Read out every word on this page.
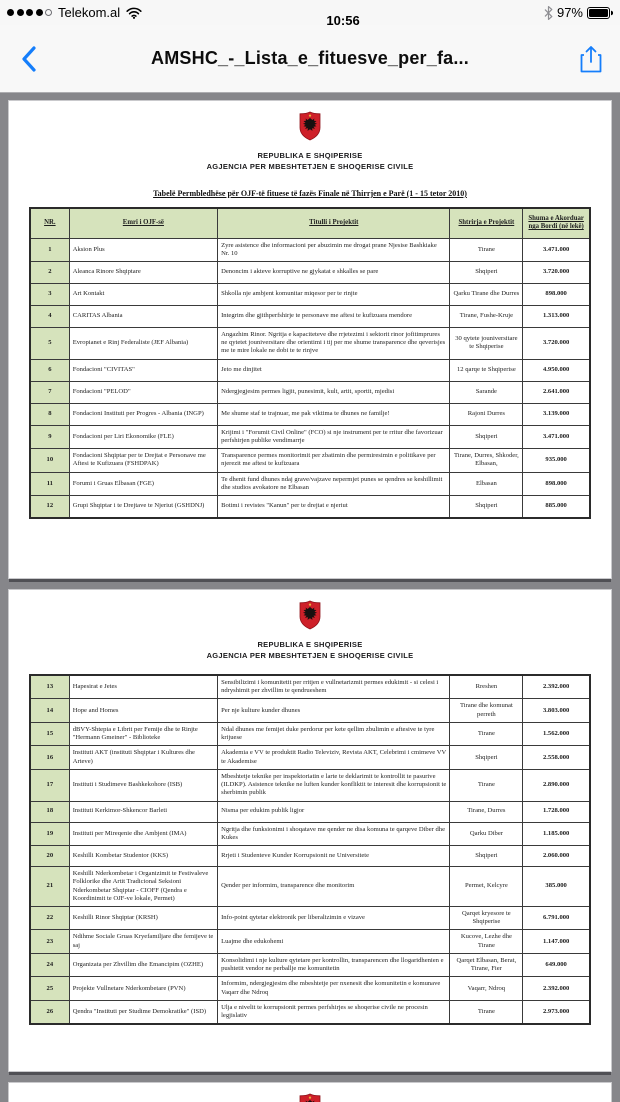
Telekom.al	10:56	97%
AMSHC_-_Lista_e_fituesve_per_fa...
REPUBLIKA E SHQIPERISE
AGJENCIA PER MBESHTETJEN E SHOQERISE CIVILE
Tabelë Permbledhëse për OJF-të fituese të fazës Finale në Thirrjen e Parë (1 - 15 tetor 2010)
NR.	Emri i OJF-së	Titulli i Projektit	Shtrirja e Projektit	Shuma e Akorduar nga Bordi (në lekë)
1	Aksion Plus	Zyre asistence dhe informacioni per abuzimin me drogat prane Njesise Bashkiake Nr. 10	Tirane	3.471.000
2	Aleanca Rinore Shqiptare	Denoncim i akteve korruptive ne gjykatat e shkalles se pare	Shqiperi	3.720.000
3	Art Kontakt	Shkolla nje ambjent komunitar miqesor per te rinjte	Qarku Tirane dhe Durres	898.000
4	CARITAS Albania	Integrim dhe gjithperfshirje te personave me aftesi te kufizuara mendore	Tirane, Fushe-Kruje	1.313.000
5	Evropianet e Rinj Federaliste (JEF Albania)	Angazhim Rinor. Ngritja e kapaciteteve dhe rrjetezimi i sektorit rinor jofitimprures ne qytetet jouniversitare dhe orientimi i tij per me shume transparence dhe qeverisjes me te mire lokale ne dobi te te rinjve	30 qytete jouniversitare te Shqiperise	3.720.000
6	Fondacioni "CIVITAS"	Jeto me dinjitet	12 qarqe te Shqiperise	4.950.000
7	Fondacioni "PELOD"	Ndergjegjesim permes ligjit, punesimit, kult, artit, sportit, mjedisi	Sarande	2.641.000
8	Fondacioni Instituti per Progres - Albania (INGP)	Me shume staf te trajnuar, me pak viktima te dhunes ne familje!	Rajoni Durres	3.139.000
9	Fondacioni per Liri Ekonomike (FLE)	Krijimi i "Forumit Civil Online" (FCO) si nje instrument per te rritur dhe favorizuar perfshirjen publike vendimarrje	Shqiperi	3.471.000
10	Fondacioni Shqiptar per te Drejtat e Personave me Aftesi te Kufizuara (FSHDPAK)	Transparence permes monitorimit per zbatimin dhe permiresimin e politikave per njerezit me aftesi te kufizuara	Tirane, Durres, Shkoder, Elbasan,	935.000
11	Forumi i Gruas Elbasan (FGE)	Te dhenit fund dhunes ndaj grave/vajzave nepermjet punes se qendres se keshillimit dhe studios avokatore ne Elbasan	Elbasan	898.000
12	Grupi Shqiptar i te Drejtave te Njeriut (GSHDNJ)	Botimi i revistes "Kanun" per te drejtat e njeriut	Shqiperi	885.000
REPUBLIKA E SHQIPERISE
AGJENCIA PER MBESHTETJEN E SHOQERISE CIVILE
13	Hapesirat e Jetes	Sensibilizimi i komunitetit per rritjen e vullnetarizmit permes edukimit - si celesi i ndryshimit per zhvillim te qendrueshem	Rreshen	2.392.000
14	Hope and Homes	Per nje kulture kunder dhunes	Tirane dhe komunat perreth	3.803.000
15	dBVY-Shtepia e Librit per Femije dhe te Rinjte "Hermann Gmeiner" - Biblioteke	Ndal dhunes me femijet duke perdorur per kete qellim zbulimin e aftesive te tyre krijuese	Tirane	1.562.000
16	Instituti AKT (instituti Shqiptar i Kultures dhe Arteve)	Akademia e VV te produktit Radio Televiziv, Revista AKT, Celebrimi i cmimeve VV te Akademise	Shqiperi	2.558.000
17	Instituti i Studimeve Bashkekohore (ISB)	Mbeshtetje teknike per inspektoriatin e larte te deklarimit te kontrollit te pasurive (ILDKP). Asistence teknike ne luften kunder konfliktit te interesit dhe korrupsionit te sherbimin publik	Tirane	2.890.000
18	Instituti Kerkimor-Shkencor Barleti	Nisma per edukim publik ligjor	Tirane, Durres	1.728.000
19	Instituti per Mireqenie dhe Ambjent (IMA)	Ngritja dhe funksionimi i shoqatave me qender ne disa komuna te qarqeve Diber dhe Kukes	Qarku Diber	1.185.000
20	Keshilli Kombetar Studentor (KKS)	Rrjeti i Studenteve Kunder Korrupsionit ne Universitete	Shqiperi	2.060.000
21	Keshilli Nderkombetar i Organizimit te Festivaleve Folklorike dhe Artit Tradicional Seksioni Nderkombetar Shqiptar - CIOFF (Qendra e Koordinimit te OJF-ve lokale, Permet)	Qender per informim, transparence dhe monitorim	Permet, Kelcyre	385.000
22	Keshilli Rinor Shqiptar (KRSH)	Info-point qytetar elektronik per liberalizimin e vizave	Qarqet kryesore te Shqiperise	6.791.000
23	Ndihme Sociale Gruas Kryefamiljare dhe femijeve te saj	Luajme dhe edukohemi	Kucove, Lezhe dhe Tirane	1.147.000
24	Organizata per Zhvillim dhe Emancipim (OZHE)	Konsolidimi i nje kulture qytetare per kontrollin, transparencen dhe llogaridhenien e pushtetit vendor ne perballje me komunitetin	Qarqet Elbasan, Berat, Tirane, Fier	649.000
25	Projekte Vullnetare Nderkombetare (PVN)	Informim, ndergjegjesim dhe mbeshtetje per nxenesit dhe komunitetin e komunave Vaqarr dhe Ndroq	Vaqarr, Ndroq	2.392.000
26	Qendra "Instituti per Studime Demokratike" (ISD)	Ulja e nivelit te korrupsionit permes perfshirjes se shoqerise civile ne procesin legjislativ	Tirane	2.973.000
